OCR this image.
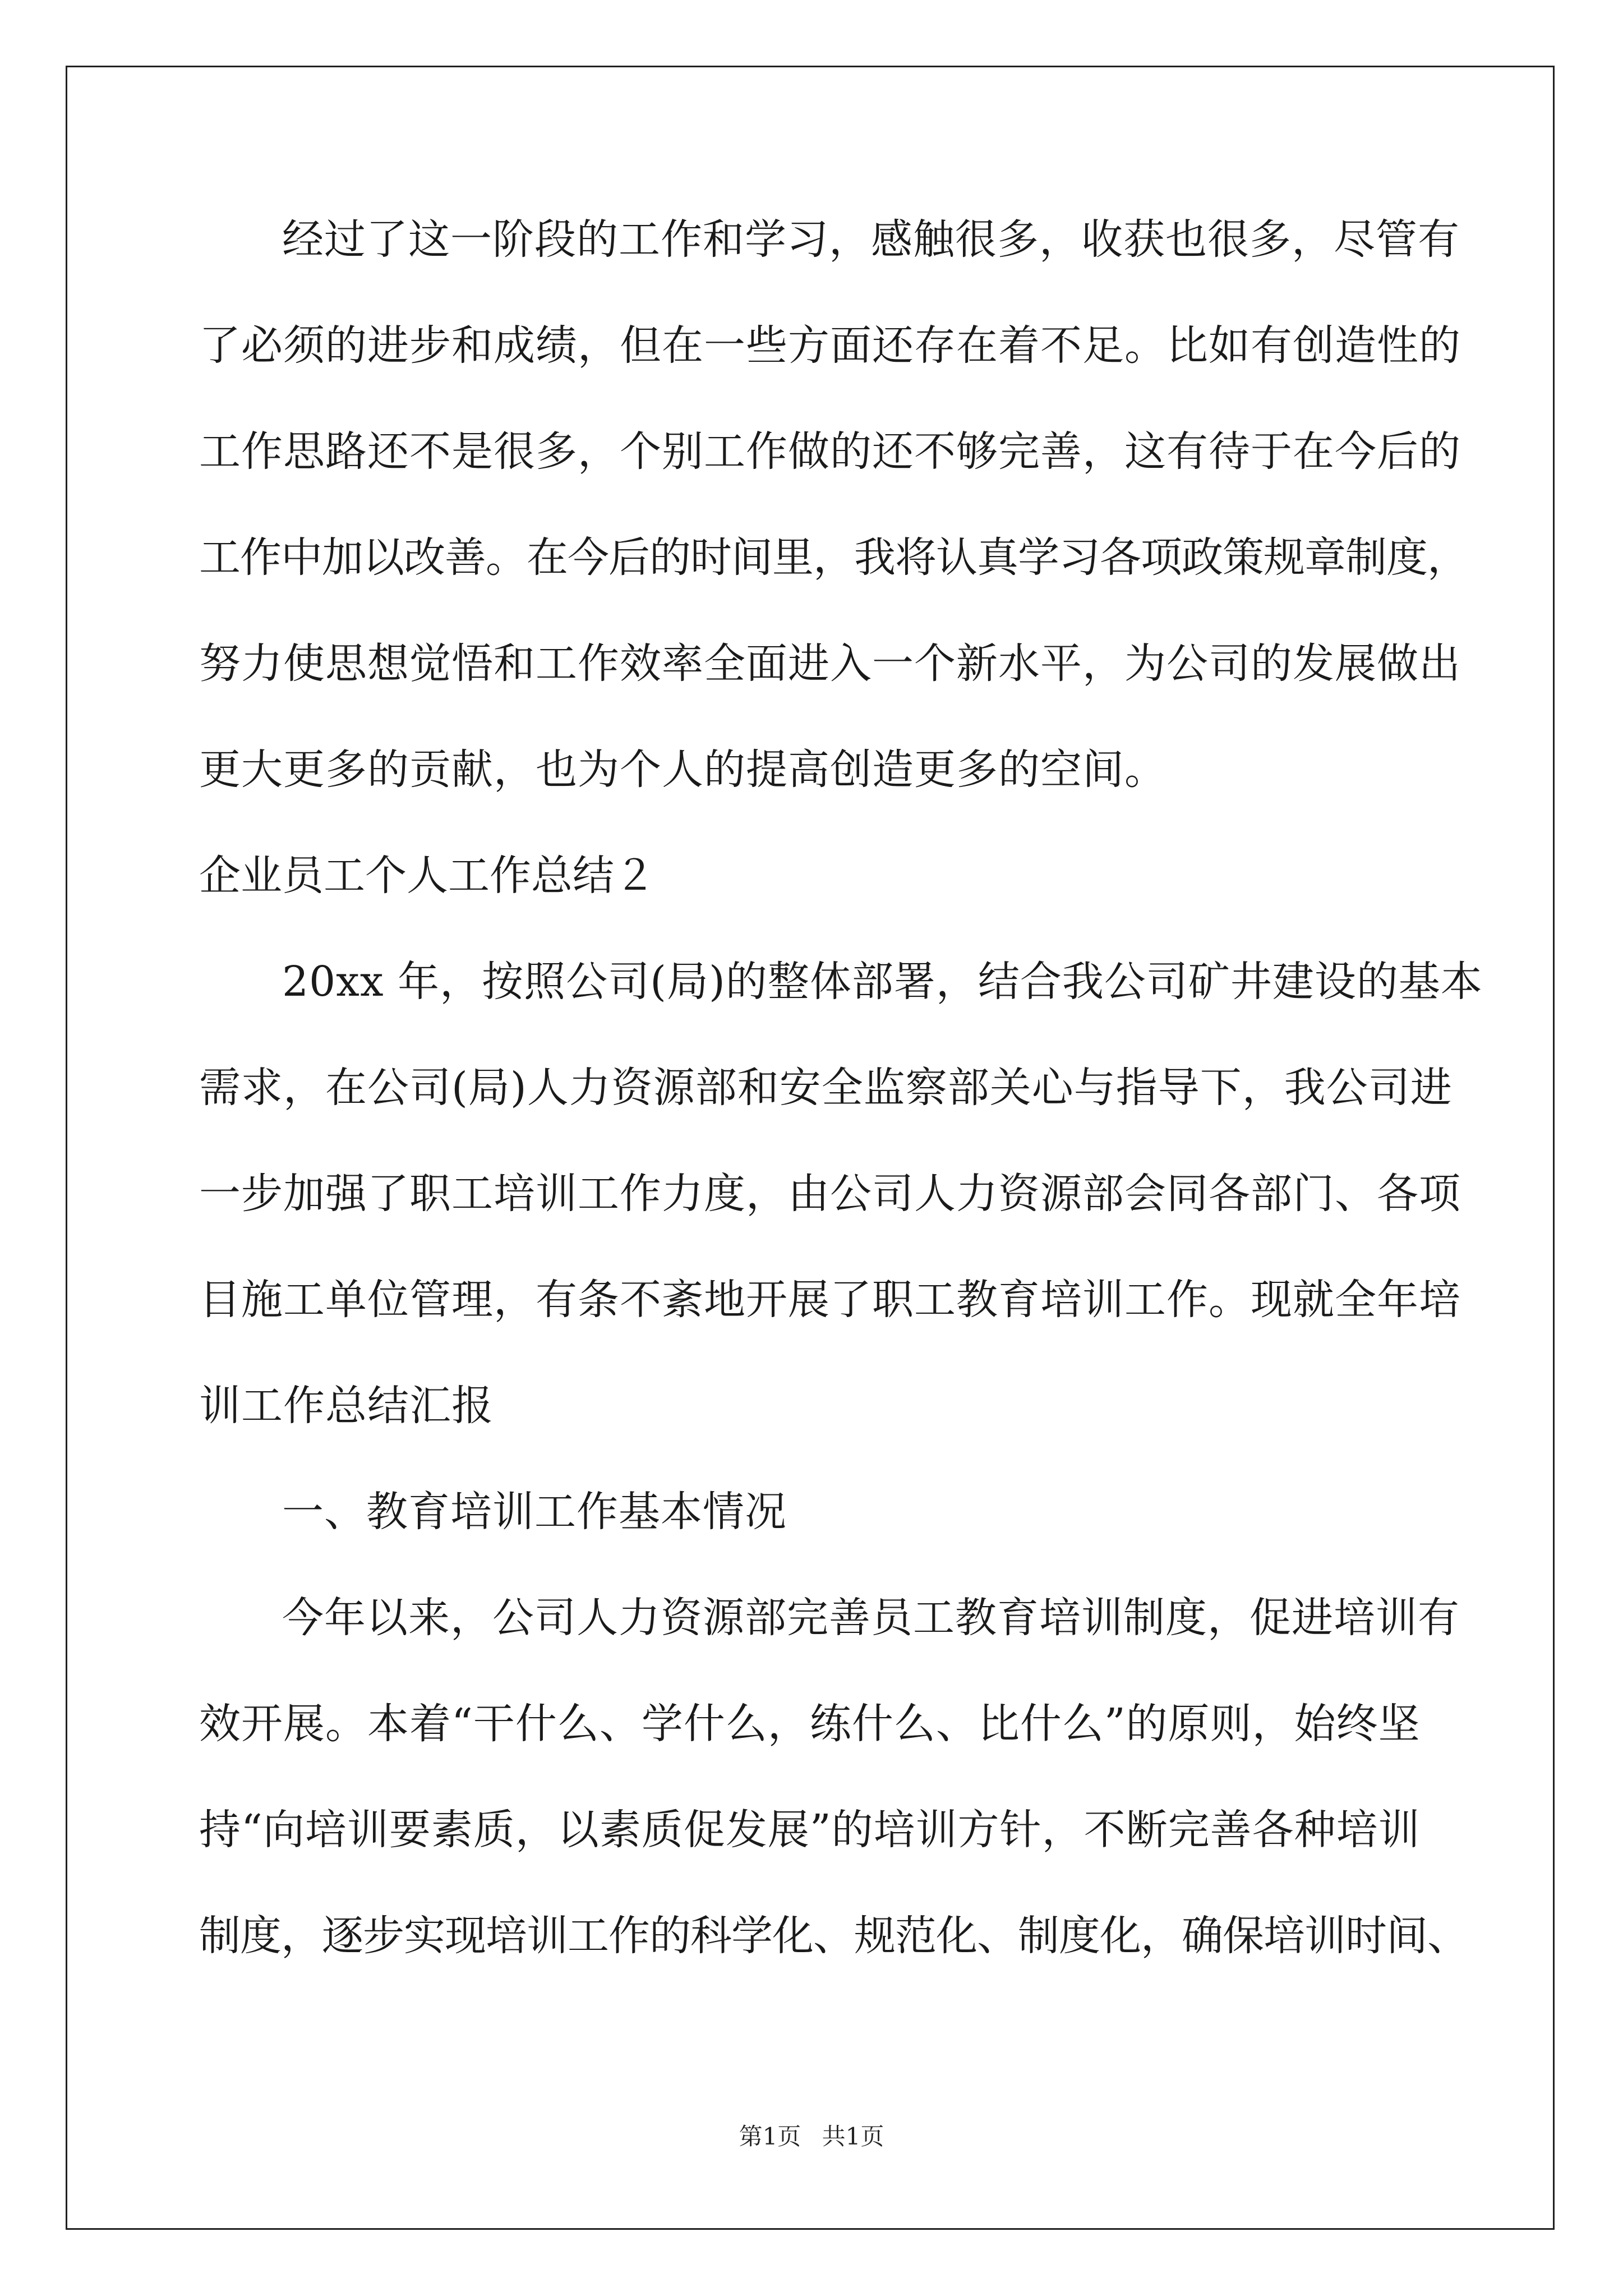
经过了这一阶段的工作和学习，感触很多，收获也很多，尽管有
了必须的进步和成绩，但在一些方面还存在着不足。比如有创造性的
工作思路还不是很多，个别工作做的还不够完善，这有待于在今后的
工作中加以改善。在今后的时间里，我将认真学习各项政策规章制度，
努力使思想觉悟和工作效率全面进入一个新水平，为公司的发展做出
更大更多的贡献，也为个人的提高创造更多的空间。
企业员工个人工作总结２
20xx 年，按照公司(局)的整体部署，结合我公司矿井建设的基本
需求，在公司(局)人力资源部和安全监察部关心与指导下，我公司进
一步加强了职工培训工作力度，由公司人力资源部会同各部门、各项
目施工单位管理，有条不紊地开展了职工教育培训工作。现就全年培
训工作总结汇报
一、教育培训工作基本情况
今年以来，公司人力资源部完善员工教育培训制度，促进培训有
效开展。本着“干什么、学什么，练什么、比什么”的原则，始终坚
持“向培训要素质，以素质促发展”的培训方针，不断完善各种培训
制度，逐步实现培训工作的科学化、规范化、制度化，确保培训时间、
第1页 共1页
